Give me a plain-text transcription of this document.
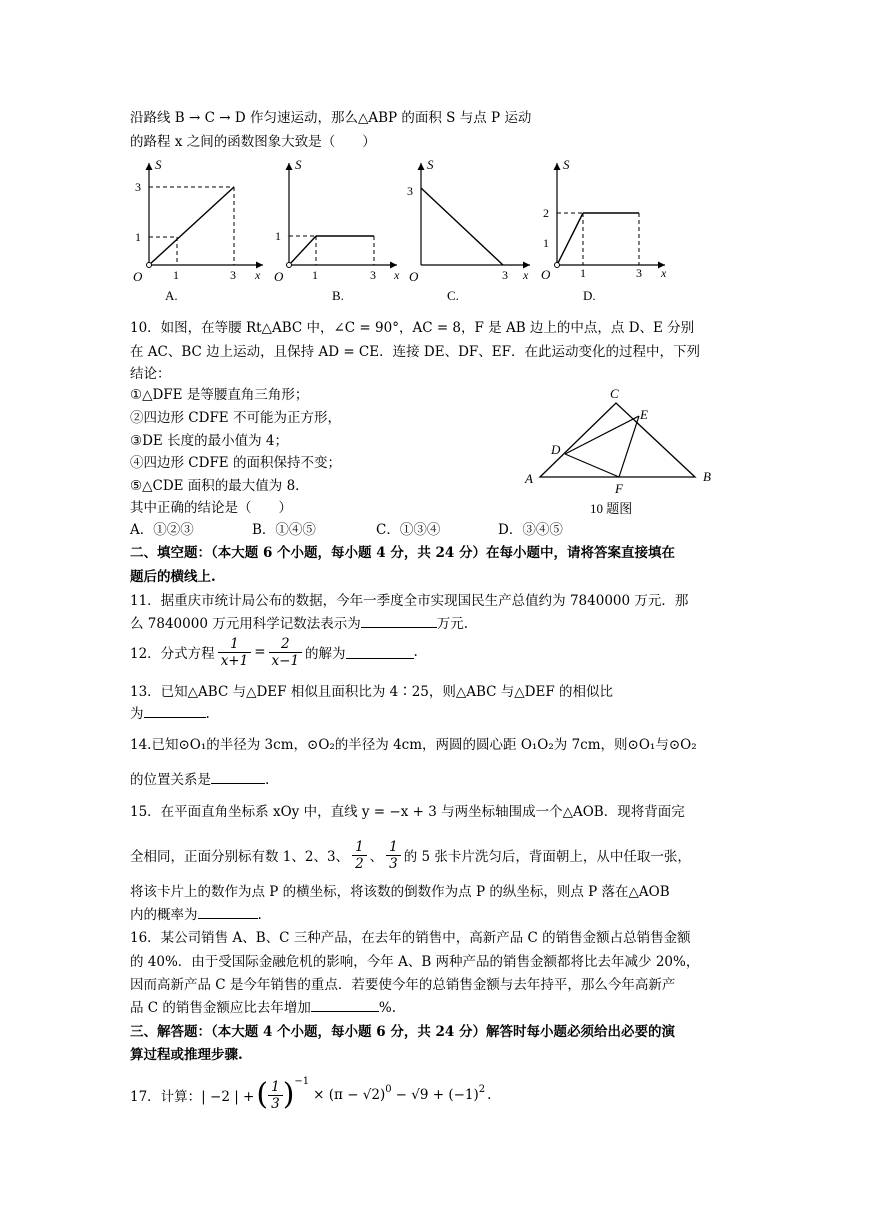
沿路线 B → C → D 作匀速运动，那么△ABP 的面积 S 与点 P 运动
的路程 x 之间的函数图象大致是（　　）
S
3
1
O	1	3 x
A.
S
1
O 1	3 x
B.
S
3
O	3 x
C.
S
2
1
O 1	3 x
D.
10．如图，在等腰 Rt△ABC 中，∠C = 90°，AC = 8，F 是 AB 边上的中点，点 D、E 分别
在 AC、BC 边上运动，且保持 AD = CE．连接 DE、DF、EF．在此运动变化的过程中，下列
结论：
①△DFE 是等腰直角三角形；
②四边形 CDFE 不可能为正方形，
③DE 长度的最小值为 4；
④四边形 CDFE 的面积保持不变；
⑤△CDE 面积的最大值为 8．
其中正确的结论是（　　）
A．①②③	B．①④⑤	C．①③④	D．③④⑤
C
E
D
A	B
F
10 题图
二、填空题：（本大题 6 个小题，每小题 4 分，共 24 分）在每小题中，请将答案直接填在
题后的横线上.
11．据重庆市统计局公布的数据，今年一季度全市实现国民生产总值约为 7840000 万元．那
么 7840000 万元用科学记数法表示为	万元.
12．分式方程 $\frac{1}{x+1} = \frac{2}{x-1}$ 的解为	.
13．已知△ABC 与△DEF 相似且面积比为 4∶25，则△ABC 与△DEF 的相似比
为	.
14.已知⊙O₁的半径为 3cm，⊙O₂的半径为 4cm，两圆的圆心距 O₁O₂为 7cm，则⊙O₁与⊙O₂
的位置关系是	.
15．在平面直角坐标系 xOy 中，直线 y = −x + 3 与两坐标轴围成一个△AOB．现将背面完
全相同，正面分别标有数 1、2、3、 $\frac{1}{2}$ 、 $\frac{1}{3}$ 的 5 张卡片洗匀后，背面朝上，从中任取一张，
将该卡片上的数作为点 P 的横坐标，将该数的倒数作为点 P 的纵坐标，则点 P 落在△AOB
内的概率为	.
16．某公司销售 A、B、C 三种产品，在去年的销售中，高新产品 C 的销售金额占总销售金额
的 40%．由于受国际金融危机的影响，今年 A、B 两种产品的销售金额都将比去年减少 20%，
因而高新产品 C 是今年销售的重点．若要使今年的总销售金额与去年持平，那么今年高新产
品 C 的销售金额应比去年增加	%.
三、解答题：（本大题 4 个小题，每小题 6 分，共 24 分）解答时每小题必须给出必要的演
算过程或推理步骤.
17．计算：| −2 | + ( $\frac{1}{3} )^{-1}$
× $(\pi - √2)^0 - √9 + (-1)^2$ .
